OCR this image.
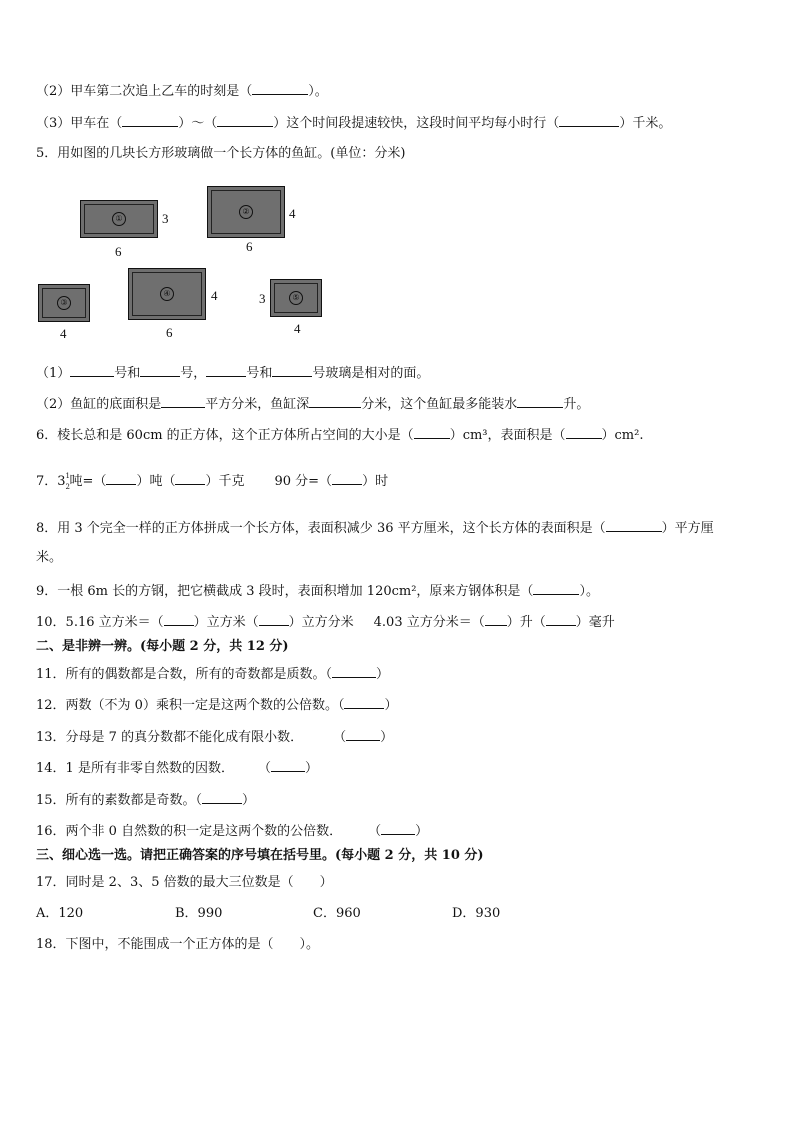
（2）甲车第二次追上乙车的时刻是（	）。
（3）甲车在（	）～（	）这个时间段提速较快，这段时间平均每小时行（	）千米。
5．用如图的几块长方形玻璃做一个长方体的鱼缸。(单位：分米)
①	3
6
②	4
6
③
4
④	4
6
⑤
3
4
（1）	号和	号，	号和	号玻璃是相对的面。
（2）鱼缸的底面积是	平方分米，鱼缸深	分米，这个鱼缸最多能装水	升。
6．棱长总和是 60cm 的正方体，这个正方体所占空间的大小是（	）cm³，表面积是（	）cm².
7．3 1
2 吨=（ ）吨（ ）千克 90 分=（ ）时
8．用 3 个完全一样的正方体拼成一个长方体，表面积减少 36 平方厘米，这个长方体的表面积是（	）平方厘
米。
9．一根 6m 长的方钢，把它横截成 3 段时，表面积增加 120cm²，原来方钢体积是（	）。
10．5.16 立方米＝（ ）立方米（ ）立方分米 4.03 立方分米＝（ ）升（ ）毫升
二、是非辨一辨。(每小题 2 分，共 12 分)
11．所有的偶数都是合数，所有的奇数都是质数。（	）
12．两数（不为 0）乘积一定是这两个数的公倍数。（	）
13．分母是 7 的真分数都不能化成有限小数． （	）
14．1 是所有非零自然数的因数． （	）
15．所有的素数都是奇数。（	）
16．两个非 0 自然数的积一定是这两个数的公倍数． （	）
三、细心选一选。请把正确答案的序号填在括号里。(每小题 2 分，共 10 分)
17．同时是 2、3、5 倍数的最大三位数是（　　）
A．120	B．990	C．960	D．930
18．下图中，不能围成一个正方体的是（　　）。
